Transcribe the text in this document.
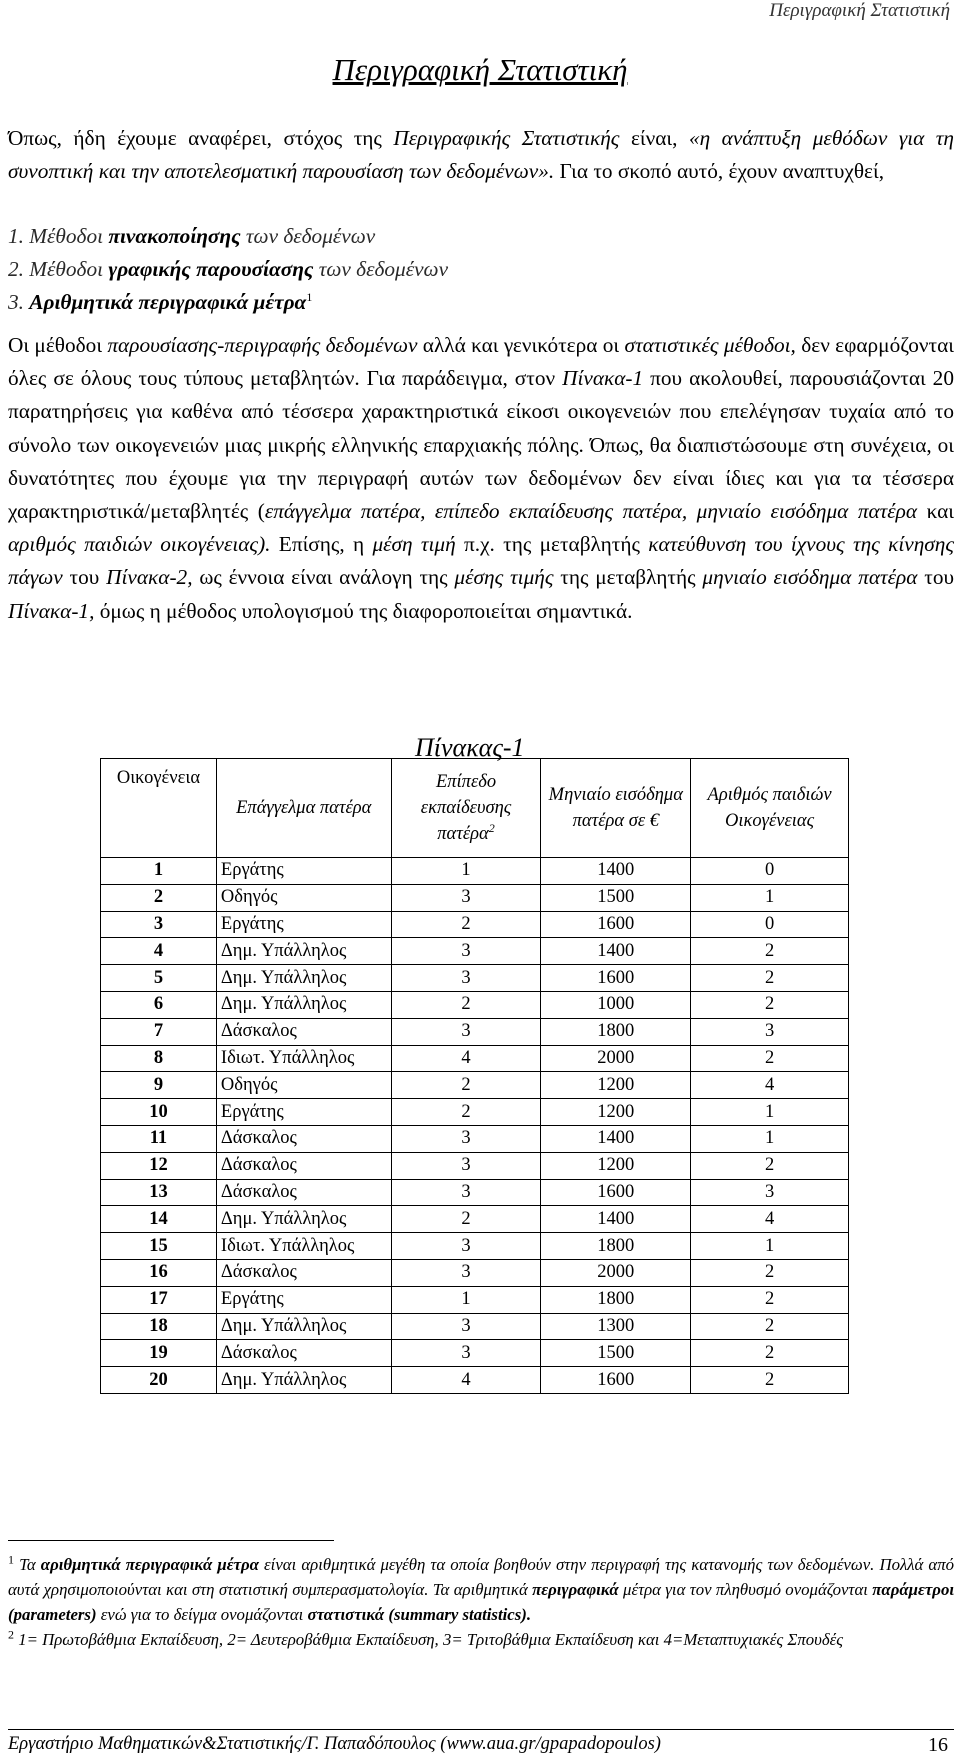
Περιγραφική Στατιστική
Περιγραφική Στατιστική
Όπως, ήδη έχουμε αναφέρει, στόχος της Περιγραφικής Στατιστικής είναι, «η ανάπτυξη μεθόδων για τη συνοπτική και την αποτελεσματική παρουσίαση των δεδομένων». Για το σκοπό αυτό, έχουν αναπτυχθεί,
1. Μέθοδοι πινακοποίησης των δεδομένων
2. Μέθοδοι γραφικής παρουσίασης των δεδομένων
3. Αριθμητικά περιγραφικά μέτρα$^1$
Οι μέθοδοι παρουσίασης-περιγραφής δεδομένων αλλά και γενικότερα οι στατιστικές μέθοδοι, δεν εφαρμόζονται όλες σε όλους τους τύπους μεταβλητών. Για παράδειγμα, στον Πίνακα-1 που ακολουθεί, παρουσιάζονται 20 παρατηρήσεις για καθένα από τέσσερα χαρακτηριστικά είκοσι οικογενειών που επελέγησαν τυχαία από το σύνολο των οικογενειών μιας μικρής ελληνικής επαρχιακής πόλης. Όπως, θα διαπιστώσουμε στη συνέχεια, οι δυνατότητες που έχουμε για την περιγραφή αυτών των δεδομένων δεν είναι ίδιες και για τα τέσσερα χαρακτηριστικά/μεταβλητές (επάγγελμα πατέρα, επίπεδο εκπαίδευσης πατέρα, μηνιαίο εισόδημα πατέρα και αριθμός παιδιών οικογένειας). Επίσης, η μέση τιμή π.χ. της μεταβλητής κατεύθυνση του ίχνους της κίνησης πάγων του Πίνακα-2, ως έννοια είναι ανάλογη της μέσης τιμής της μεταβλητής μηνιαίο εισόδημα πατέρα του Πίνακα-1, όμως η μέθοδος υπολογισμού της διαφοροποιείται σημαντικά.
Πίνακας-1
Οικογένεια	Επάγγελμα πατέρα	Επίπεδο εκπαίδευσης πατέρα$^2$	Μηνιαίο εισόδημα πατέρα σε €	Αριθμός παιδιών Οικογένειας
1	Εργάτης	1	1400	0
2	Οδηγός	3	1500	1
3	Εργάτης	2	1600	0
4	Δημ. Υπάλληλος	3	1400	2
5	Δημ. Υπάλληλος	3	1600	2
6	Δημ. Υπάλληλος	2	1000	2
7	Δάσκαλος	3	1800	3
8	Ιδιωτ. Υπάλληλος	4	2000	2
9	Οδηγός	2	1200	4
10	Εργάτης	2	1200	1
11	Δάσκαλος	3	1400	1
12	Δάσκαλος	3	1200	2
13	Δάσκαλος	3	1600	3
14	Δημ. Υπάλληλος	2	1400	4
15	Ιδιωτ. Υπάλληλος	3	1800	1
16	Δάσκαλος	3	2000	2
17	Εργάτης	1	1800	2
18	Δημ. Υπάλληλος	3	1300	2
19	Δάσκαλος	3	1500	2
20	Δημ. Υπάλληλος	4	1600	2

$^1$ Τα αριθμητικά περιγραφικά μέτρα είναι αριθμητικά μεγέθη τα οποία βοηθούν στην περιγραφή της κατανομής των δεδομένων. Πολλά από αυτά χρησιμοποιούνται και στη στατιστική συμπερασματολογία. Τα αριθμητικά περιγραφικά μέτρα για τον πληθυσμό ονομάζονται παράμετροι (parameters) ενώ για το δείγμα ονομάζονται στατιστικά (summary statistics).

$^2$ 1= Πρωτοβάθμια Εκπαίδευση, 2= Δευτεροβάθμια Εκπαίδευση, 3= Τριτοβάθμια Εκπαίδευση και 4=Μεταπτυχιακές Σπουδές

Εργαστήριο Μαθηματικών&Στατιστικής/Γ. Παπαδόπουλος (www.aua.gr/gpapadopoulos)	16
